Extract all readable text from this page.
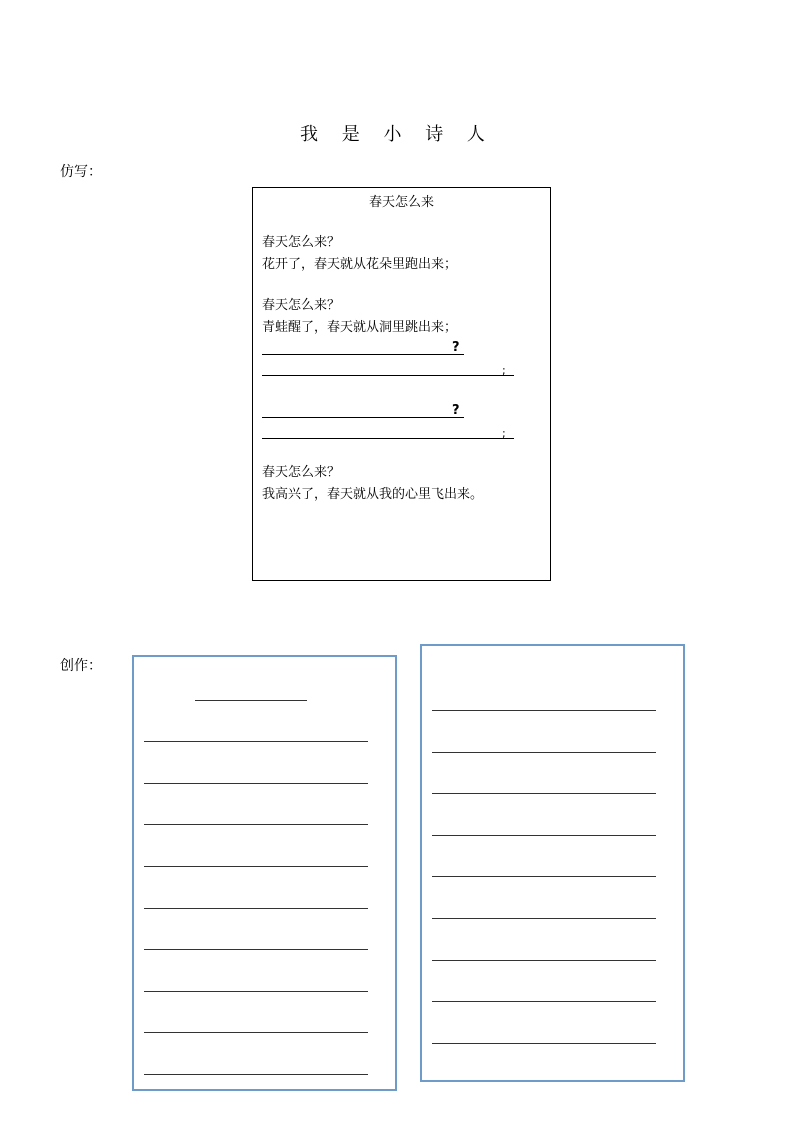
我 是 小 诗 人
仿写：
春天怎么来
春天怎么来？
花开了，春天就从花朵里跑出来；
春天怎么来？
青蛙醒了，春天就从洞里跳出来；
?
;
?
;
春天怎么来？
我高兴了，春天就从我的心里飞出来。
创作：
